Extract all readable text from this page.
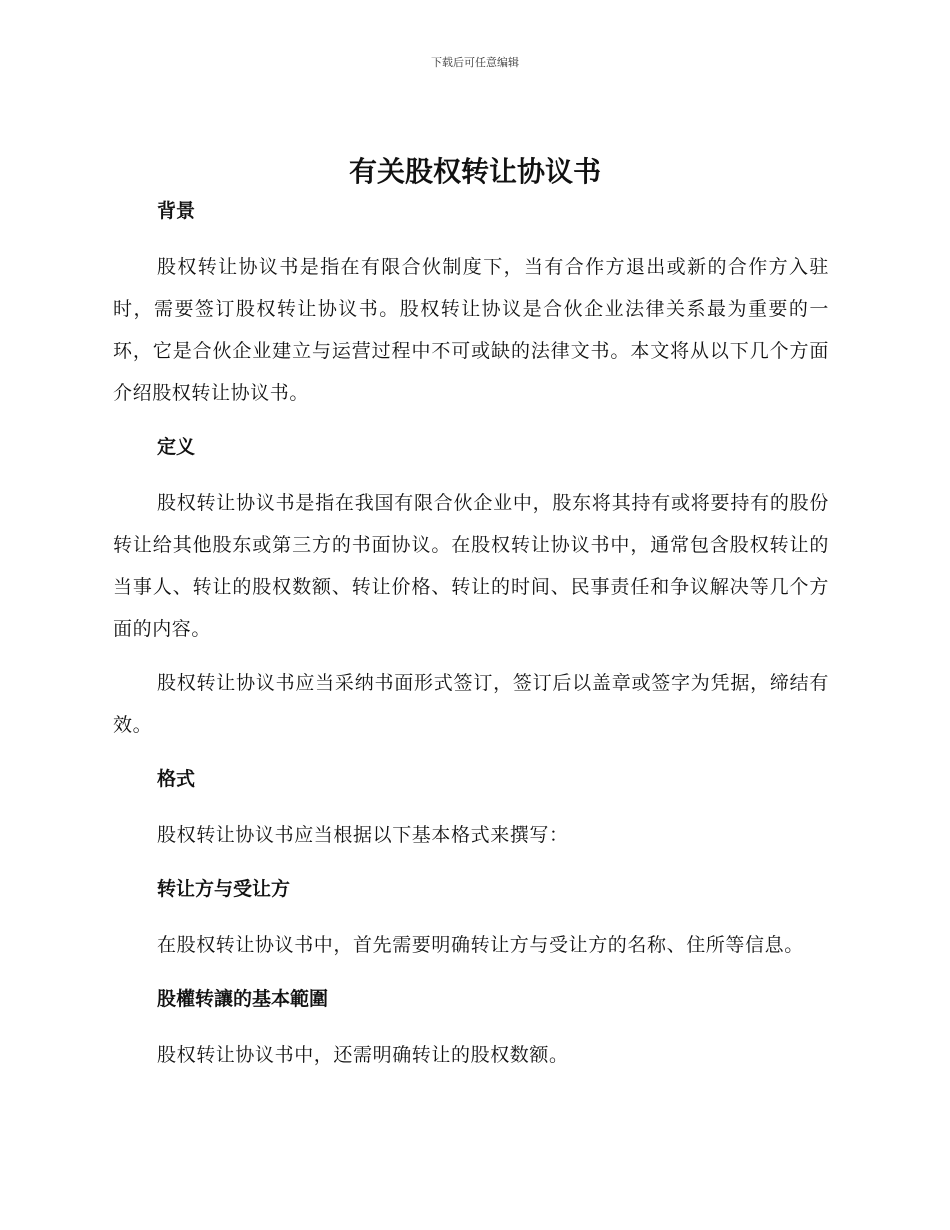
下载后可任意编辑
有关股权转让协议书

背景

股权转让协议书是指在有限合伙制度下，当有合作方退出或新的合作方入驻时，需要签订股权转让协议书。股权转让协议是合伙企业法律关系最为重要的一环，它是合伙企业建立与运营过程中不可或缺的法律文书。本文将从以下几个方面介绍股权转让协议书。

定义

股权转让协议书是指在我国有限合伙企业中，股东将其持有或将要持有的股份转让给其他股东或第三方的书面协议。在股权转让协议书中，通常包含股权转让的当事人、转让的股权数额、转让价格、转让的时间、民事责任和争议解决等几个方面的内容。

股权转让协议书应当采纳书面形式签订，签订后以盖章或签字为凭据，缔结有效。

格式

股权转让协议书应当根据以下基本格式来撰写：

转让方与受让方

在股权转让协议书中，首先需要明确转让方与受让方的名称、住所等信息。

股權转讓的基本範圍

股权转让协议书中，还需明确转让的股权数额。
